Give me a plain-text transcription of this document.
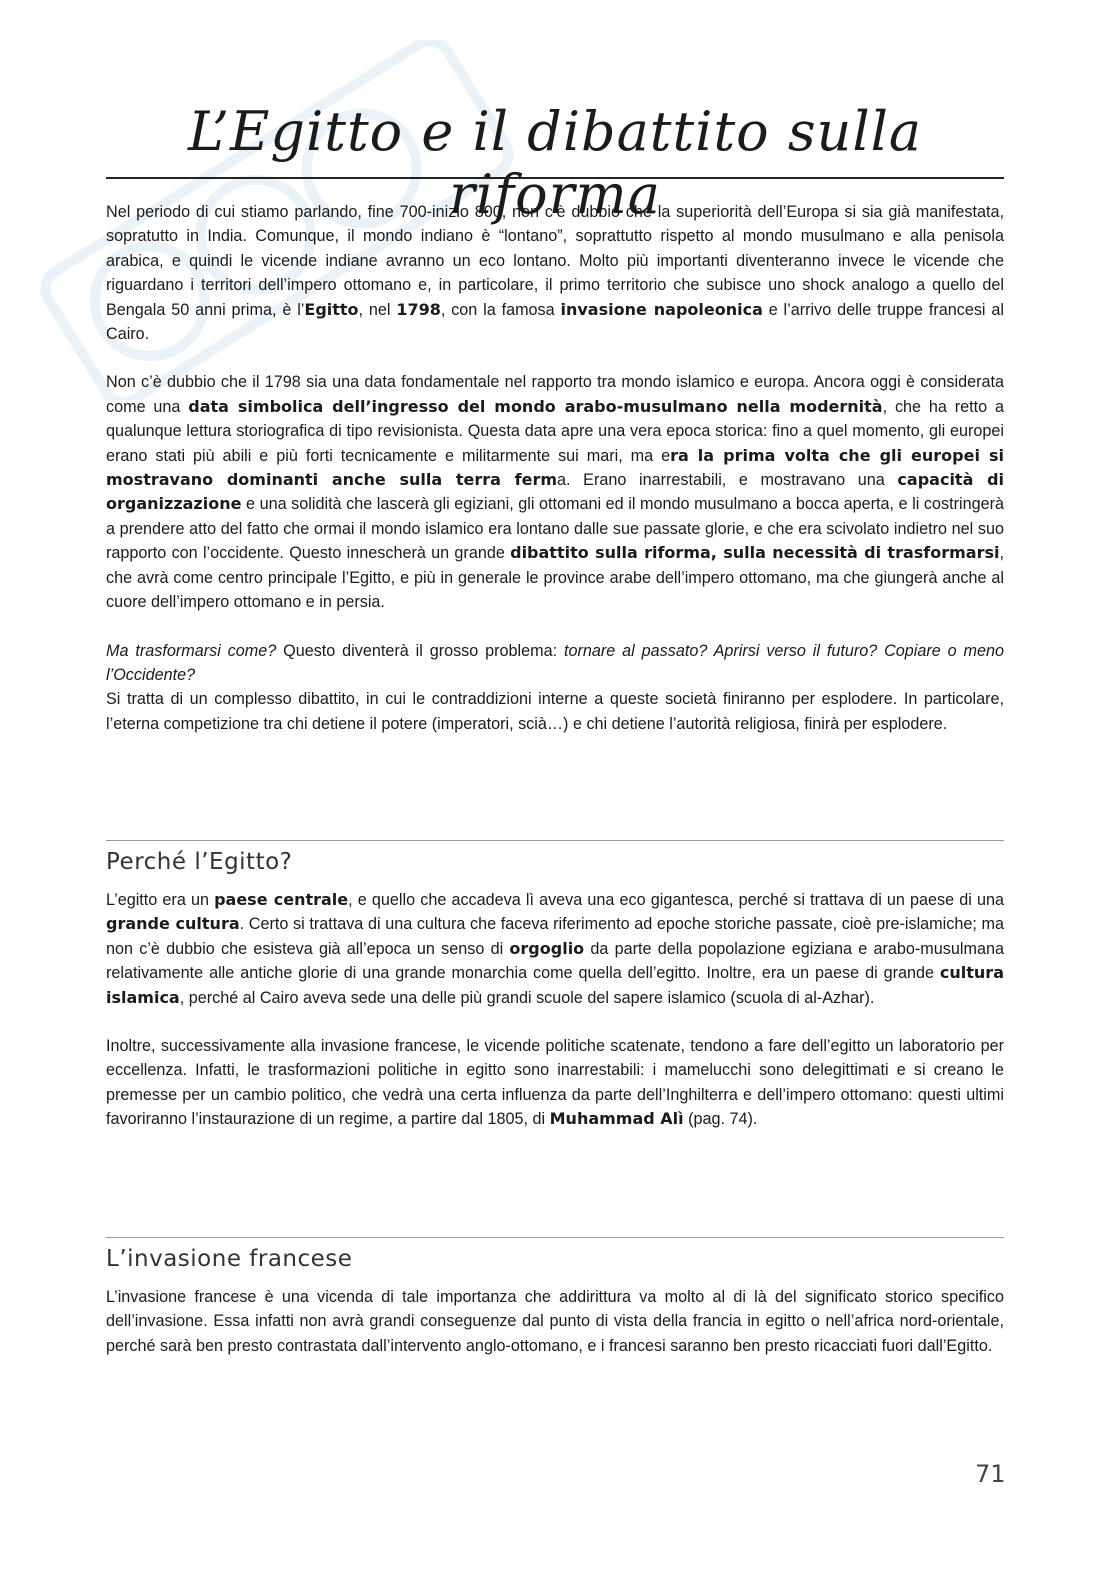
L’Egitto e il dibattito sulla riforma

Nel periodo di cui stiamo parlando, fine 700-inizio 800, non c’è dubbio che la superiorità dell’Europa si sia già manifestata, sopratutto in India. Comunque, il mondo indiano è “lontano”, soprattutto rispetto al mondo musulmano e alla penisola arabica, e quindi le vicende indiane avranno un eco lontano. Molto più importanti diventeranno invece le vicende che riguardano i territori dell’impero ottomano e, in particolare, il primo territorio che subisce uno shock analogo a quello del Bengala 50 anni prima, è l’Egitto, nel 1798, con la famosa invasione napoleonica e l’arrivo delle truppe francesi al Cairo.

Non c’è dubbio che il 1798 sia una data fondamentale nel rapporto tra mondo islamico e europa. Ancora oggi è considerata come una data simbolica dell’ingresso del mondo arabo-musulmano nella modernità, che ha retto a qualunque lettura storiografica di tipo revisionista. Questa data apre una vera epoca storica: fino a quel momento, gli europei erano stati più abili e più forti tecnicamente e militarmente sui mari, ma era la prima volta che gli europei si mostravano dominanti anche sulla terra ferma. Erano inarrestabili, e mostravano una capacità di organizzazione e una solidità che lascerà gli egiziani, gli ottomani ed il mondo musulmano a bocca aperta, e li costringerà a prendere atto del fatto che ormai il mondo islamico era lontano dalle sue passate glorie, e che era scivolato indietro nel suo rapporto con l’occidente. Questo innescherà un grande dibattito sulla riforma, sulla necessità di trasformarsi, che avrà come centro principale l’Egitto, e più in generale le province arabe dell’impero ottomano, ma che giungerà anche al cuore dell’impero ottomano e in persia.

Ma trasformarsi come? Questo diventerà il grosso problema: tornare al passato? Aprirsi verso il futuro? Copiare o meno l’Occidente?

Si tratta di un complesso dibattito, in cui le contraddizioni interne a queste società finiranno per esplodere. In particolare, l’eterna competizione tra chi detiene il potere (imperatori, scià…) e chi detiene l’autorità religiosa, finirà per esplodere.

Perché l’Egitto?

L’egitto era un paese centrale, e quello che accadeva lì aveva una eco gigantesca, perché si trattava di un paese di una grande cultura. Certo si trattava di una cultura che faceva riferimento ad epoche storiche passate, cioè pre-islamiche; ma non c’è dubbio che esisteva già all’epoca un senso di orgoglio da parte della popolazione egiziana e arabo-musulmana relativamente alle antiche glorie di una grande monarchia come quella dell’egitto. Inoltre, era un paese di grande cultura islamica, perché al Cairo aveva sede una delle più grandi scuole del sapere islamico (scuola di al-Azhar).

Inoltre, successivamente alla invasione francese, le vicende politiche scatenate, tendono a fare dell’egitto un laboratorio per eccellenza. Infatti, le trasformazioni politiche in egitto sono inarrestabili: i mamelucchi sono delegittimati e si creano le premesse per un cambio politico, che vedrà una certa influenza da parte dell’Inghilterra e dell’impero ottomano: questi ultimi favoriranno l’instaurazione di un regime, a partire dal 1805, di Muhammad Alì (pag. 74).

L’invasione francese

L’invasione francese è una vicenda di tale importanza che addirittura va molto al di là del significato storico specifico dell’invasione. Essa infatti non avrà grandi conseguenze dal punto di vista della francia in egitto o nell’africa nord-orientale, perché sarà ben presto contrastata dall’intervento anglo-ottomano, e i francesi saranno ben presto ricacciati fuori dall’Egitto.

71
